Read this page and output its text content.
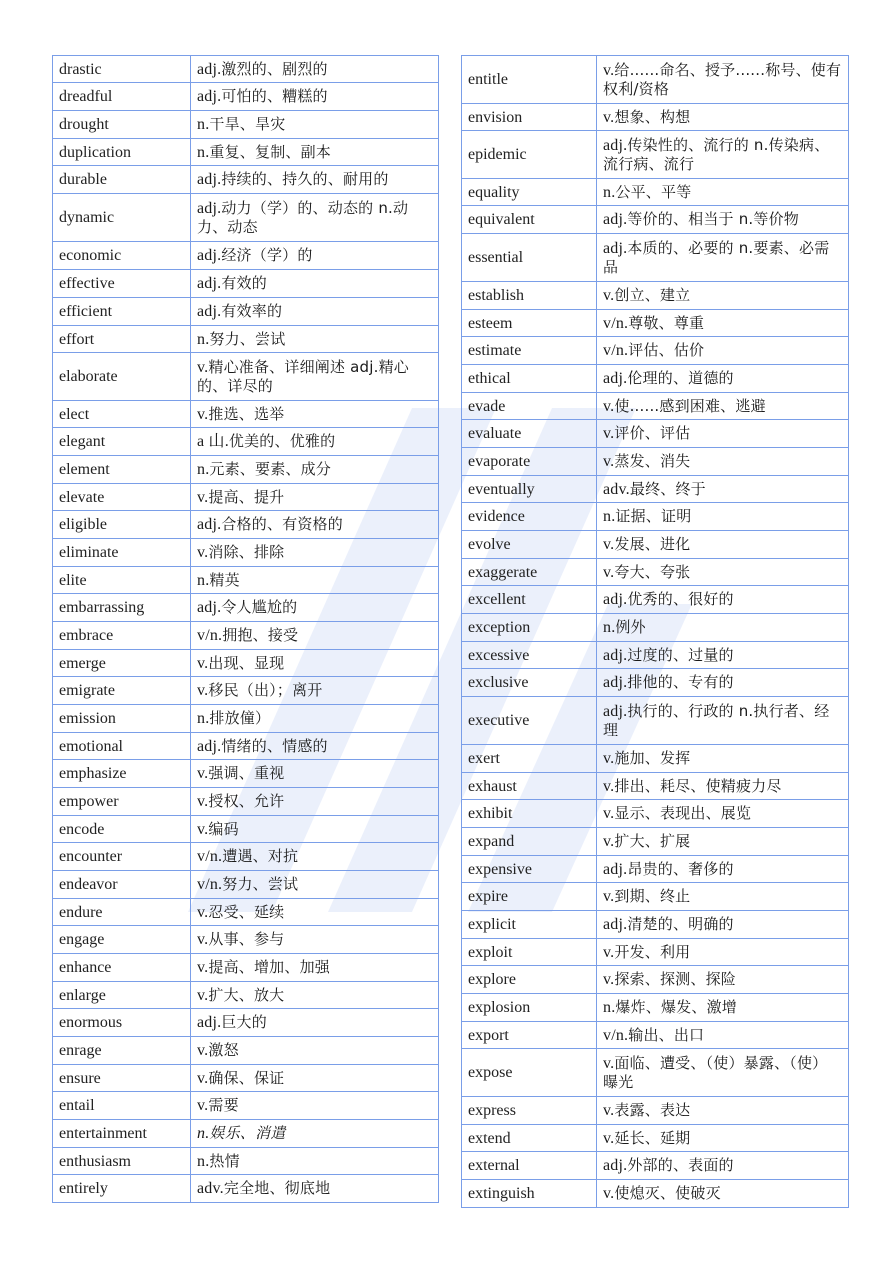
drastic	adj.激烈的、剧烈的
dreadful	adj.可怕的、糟糕的
drought	n.干旱、旱灾
duplication	n.重复、复制、副本
durable	adj.持续的、持久的、耐用的
dynamic	adj.动力（学）的、动态的 n.动力、动态
economic	adj.经济（学）的
effective	adj.有效的
efficient	adj.有效率的
effort	n.努力、尝试
elaborate	v.精心准备、详细阐述 adj.精心的、详尽的
elect	v.推选、选举
elegant	a 山.优美的、优雅的
element	n.元素、要素、成分
elevate	v.提高、提升
eligible	adj.合格的、有资格的
eliminate	v.消除、排除
elite	n.精英
embarrassing	adj.令人尴尬的
embrace	v/n.拥抱、接受
emerge	v.出现、显现
emigrate	v.移民（出）；离开
emission	n.排放僮）
emotional	adj.情绪的、情感的
emphasize	v.强调、重视
empower	v.授权、允许
encode	v.编码
encounter	v/n.遭遇、对抗
endeavor	v/n.努力、尝试
endure	v.忍受、延续
engage	v.从事、参与
enhance	v.提高、增加、加强
enlarge	v.扩大、放大
enormous	adj.巨大的
enrage	v.激怒
ensure	v.确保、保证
entail	v.需要
entertainment	n.娱乐、消遣
enthusiasm	n.热情
entirely	adv.完全地、彻底地
entitle	v.给......命名、授予......称号、使有权利/资格
envision	v.想象、构想
epidemic	adj.传染性的、流行的 n.传染病、流行病、流行
equality	n.公平、平等
equivalent	adj.等价的、相当于 n.等价物
essential	adj.本质的、必要的 n.要素、必需品
establish	v.创立、建立
esteem	v/n.尊敬、尊重
estimate	v/n.评估、估价
ethical	adj.伦理的、道德的
evade	v.使......感到困难、逃避
evaluate	v.评价、评估
evaporate	v.蒸发、消失
eventually	adv.最终、终于
evidence	n.证据、证明
evolve	v.发展、进化
exaggerate	v.夸大、夸张
excellent	adj.优秀的、很好的
exception	n.例外
excessive	adj.过度的、过量的
exclusive	adj.排他的、专有的
executive	adj.执行的、行政的 n.执行者、经理
exert	v.施加、发挥
exhaust	v.排出、耗尽、使精疲力尽
exhibit	v.显示、表现出、展览
expand	v.扩大、扩展
expensive	adj.昂贵的、奢侈的
expire	v.到期、终止
explicit	adj.清楚的、明确的
exploit	v.开发、利用
explore	v.探索、探测、探险
explosion	n.爆炸、爆发、激增
export	v/n.输出、出口
expose	v.面临、遭受、（使）暴露、（使）曝光
express	v.表露、表达
extend	v.延长、延期
external	adj.外部的、表面的
extinguish	v.使熄灭、使破灭
